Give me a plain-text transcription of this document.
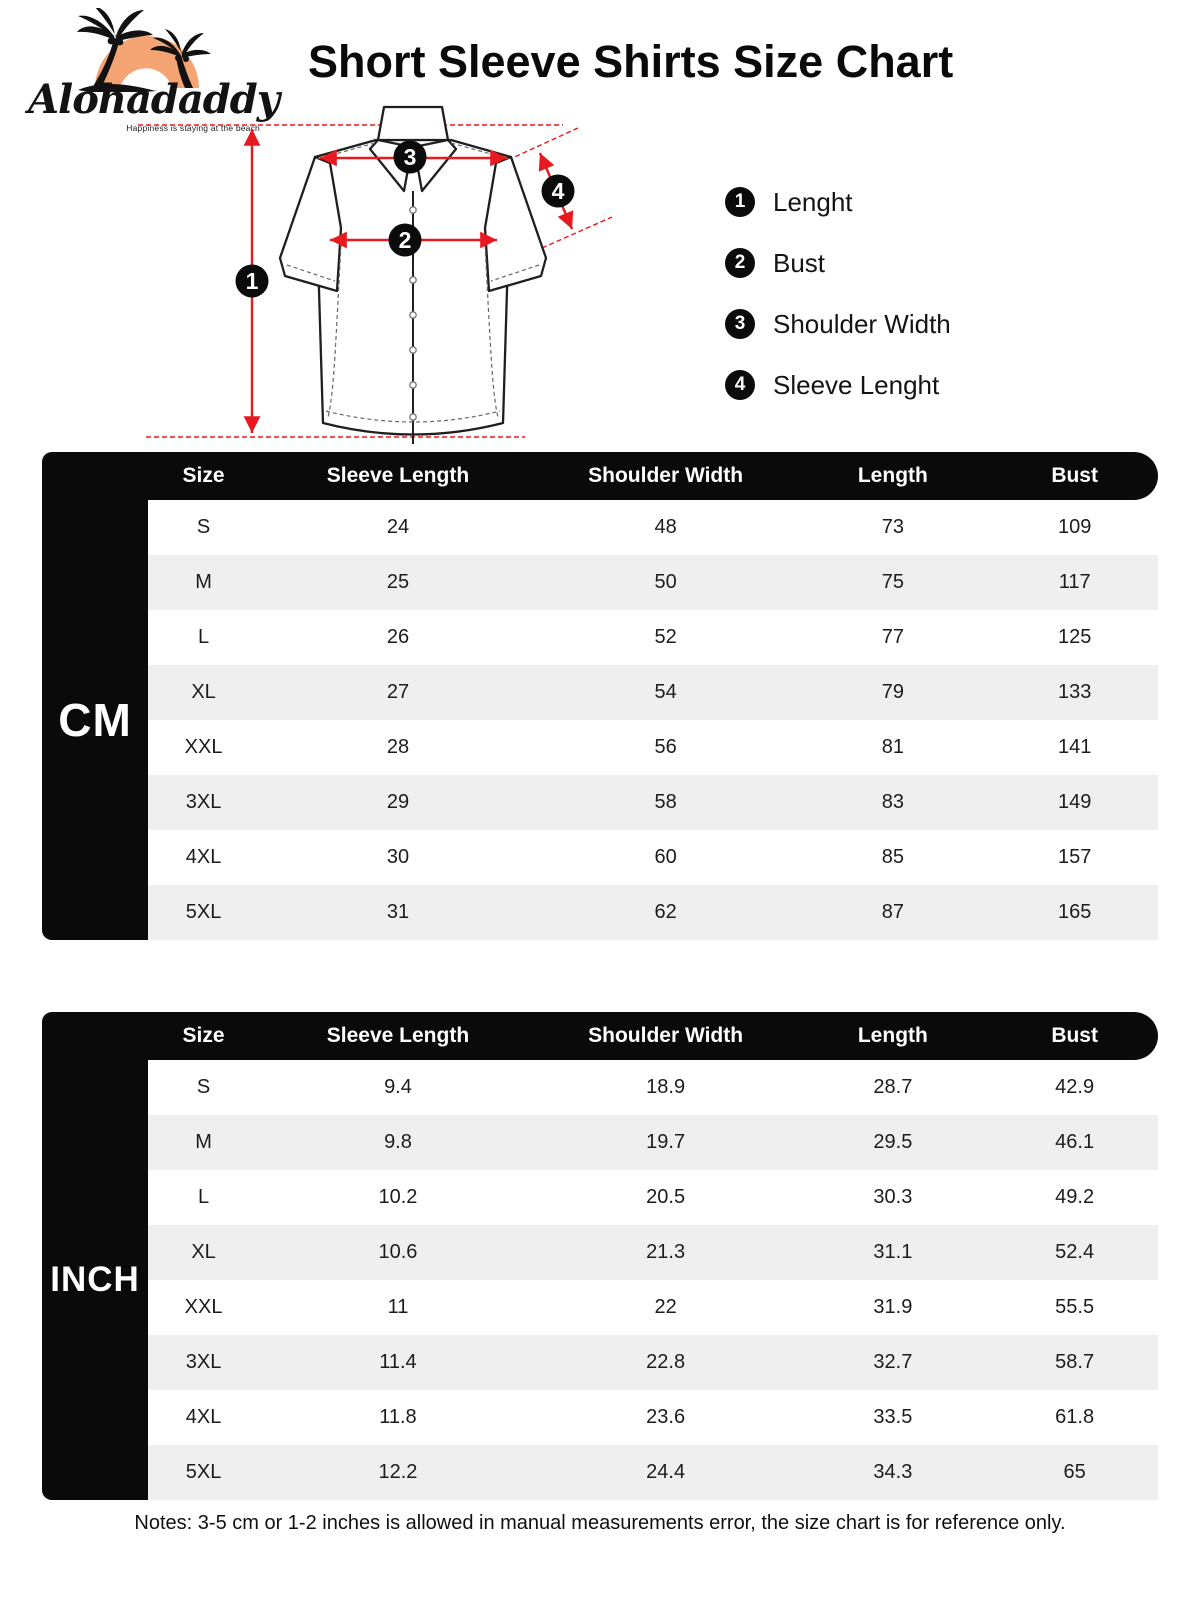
Alohadaddy
Happiness is staying at the beach
Short Sleeve Shirts Size Chart
1
2
3
4	1	Lenght
2	Bust
3	Shoulder Width
4	Sleeve Lenght
Size	Sleeve Length	Shoulder Width	Length	Bust
CM
S	24	48	73	109
M	25	50	75	117
L	26	52	77	125
XL	27	54	79	133
XXL	28	56	81	141
3XL	29	58	83	149
4XL	30	60	85	157
5XL	31	62	87	165
Size	Sleeve Length	Shoulder Width	Length	Bust
INCH
S	9.4	18.9	28.7	42.9
M	9.8	19.7	29.5	46.1
L	10.2	20.5	30.3	49.2
XL	10.6	21.3	31.1	52.4
XXL	11	22	31.9	55.5
3XL	11.4	22.8	32.7	58.7
4XL	11.8	23.6	33.5	61.8
5XL	12.2	24.4	34.3	65

Notes: 3-5 cm or 1-2 inches is allowed in manual measurements error, the size chart is for reference only.
